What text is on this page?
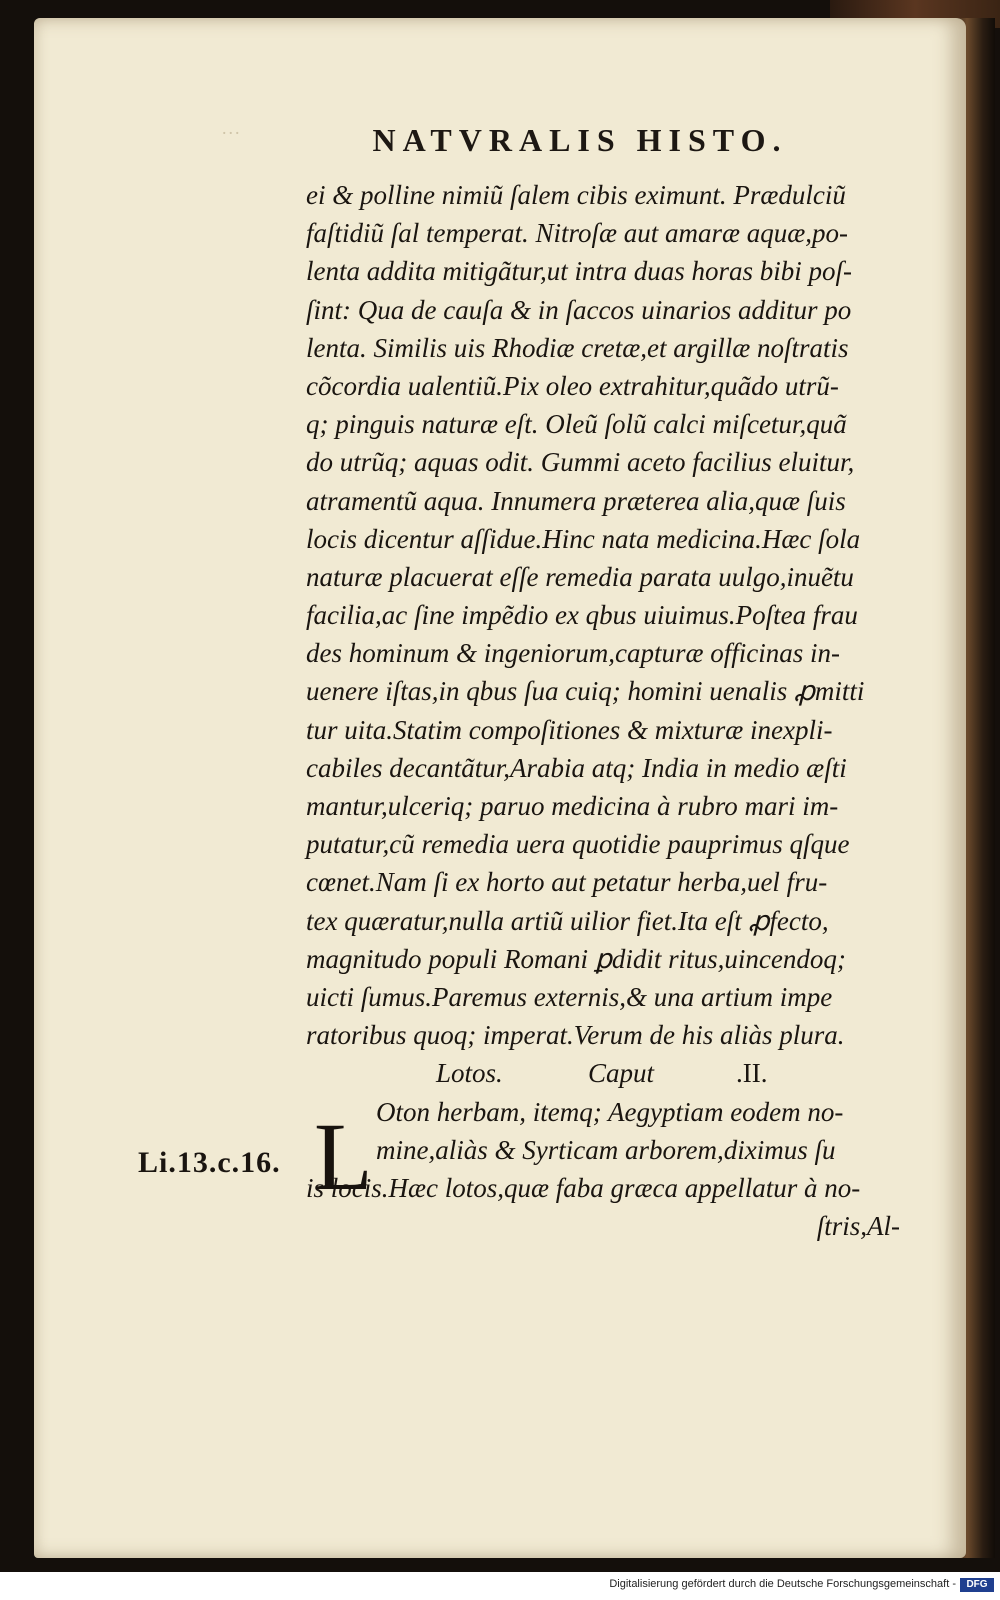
...	NATVRALIS HISTO.
ei & polline nimiũ ſalem cibis eximunt. Prædulciũ
faſtidiũ ſal temperat. Nitroſæ aut amaræ aquæ,po-
lenta addita mitigãtur,ut intra duas horas bibi poſ-
ſint: Qua de cauſa & in ſaccos uinarios additur po
lenta. Similis uis Rhodiæ cretæ,et argillæ noſtratis
cõcordia ualentiũ.Pix oleo extrahitur,quãdo utrũ-
q; pinguis naturæ eſt. Oleũ ſolũ calci miſcetur,quã
do utrũq; aquas odit. Gummi aceto facilius eluitur,
atramentũ aqua. Innumera præterea alia,quæ ſuis
locis dicentur aſſidue.Hinc nata medicina.Hæc ſola
naturæ placuerat eſſe remedia parata uulgo,inuẽtu
facilia,ac ſine impẽdio ex qbus uiuimus.Poſtea frau
des hominum & ingeniorum,capturæ officinas in-
uenere iſtas,in qbus ſua cuiq; homini uenalis ꝓmitti
tur uita.Statim compoſitiones & mixturæ inexpli-
cabiles decantãtur,Arabia atq; India in medio æſti
mantur,ulceriq; paruo medicina à rubro mari im-
putatur,cũ remedia uera quotidie pauprimus qſque
cœnet.Nam ſi ex horto aut petatur herba,uel fru-
tex quæratur,nulla artiũ uilior fiet.Ita eſt ꝓfecto,
magnitudo populi Romani ꝑdidit ritus,uincendoq;
uicti ſumus.Paremus externis,& una artium impe
ratoribus quoq; imperat.Verum de his aliàs plura.
Lotos.	Caput	.II.
Oton herbam, itemq; Aegyptiam eodem no-
mine,aliàs & Syrticam arborem,diximus ſu
is locis.Hæc lotos,quæ faba græca appellatur à no-
ſtris,Al-
L
Li.13.c.16.
Digitalisierung gefördert durch die Deutsche Forschungsgemeinschaft -	DFG
